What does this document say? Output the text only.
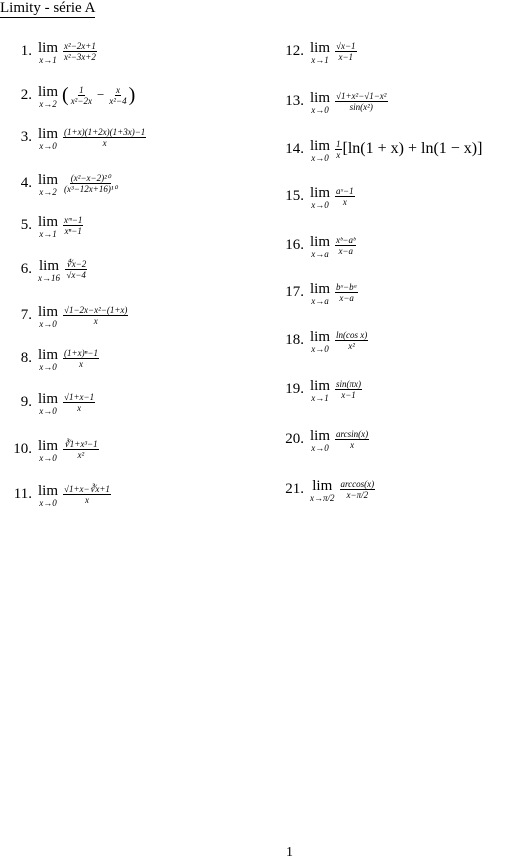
Limity - série A
1. lim
$x\to 1 \frac{\text{x²−2x+1}}{\text{x²−3x+2}}$
2. lim
x→2 ( $\frac{1}{\text{x²−2x}} - \frac{x}{\text{x²−4}}$ )
3. lim
$x\to 0 \frac{(1+x)(1+2x)(1+3x)-1}{x}$
4. lim
$x\to 2 \frac{\text{(x²−x−2)²⁰}}{\text{(x³−12x+16)¹⁰}}$
5. lim
$x\to 1 \frac{\text{xᵐ−1}}{\text{xⁿ−1}}$
6. lim
$x\to 16 \frac{∜x-2}{√x-4}$
7. lim
$x\to 0 \frac{\text{√1−2x−x²−(1+x)}}{x}$
8. lim
$x\to 0 \frac{\text{(1+x)ⁿ−1}}{x}$
9. lim
$x\to 0 \frac{√1+x-1}{x}$
10. lim
$x\to 0 \frac{\text{∛1+x³−1}}{\text{x²}}$
11. lim
$x\to 0 \frac{√1+x-∛x+1}{x}$
12. lim
$x\to 1 \frac{√x-1}{x-1}$
13. lim
$x\to 0 \frac{\text{√1+x²−√1−x²}}{\text{sin(x²)}}$
14. lim
$x\to 0 \frac{1}{x} [\ln(1 + x) + \ln(1 - x)]$
15. lim
$x\to 0 \frac{\text{aˣ−1}}{x}$
16. lim
$x\to a \frac{\text{xᵇ−aᵇ}}{x-a}$
17. lim
$x\to a \frac{\text{bˣ−bᵃ}}{x-a}$
18. lim
$x\to 0 \frac{\text{ln(cos x)}}{\text{x²}}$
19. lim
$x\to 1 \frac{\sin(\pi x)}{x-1}$
20. lim
$x\to 0 \frac{\arcsin(x)}{x}$
21. lim
$x\to\pi/2 \frac{\arccos(x)}{x-\pi/2}$
1
